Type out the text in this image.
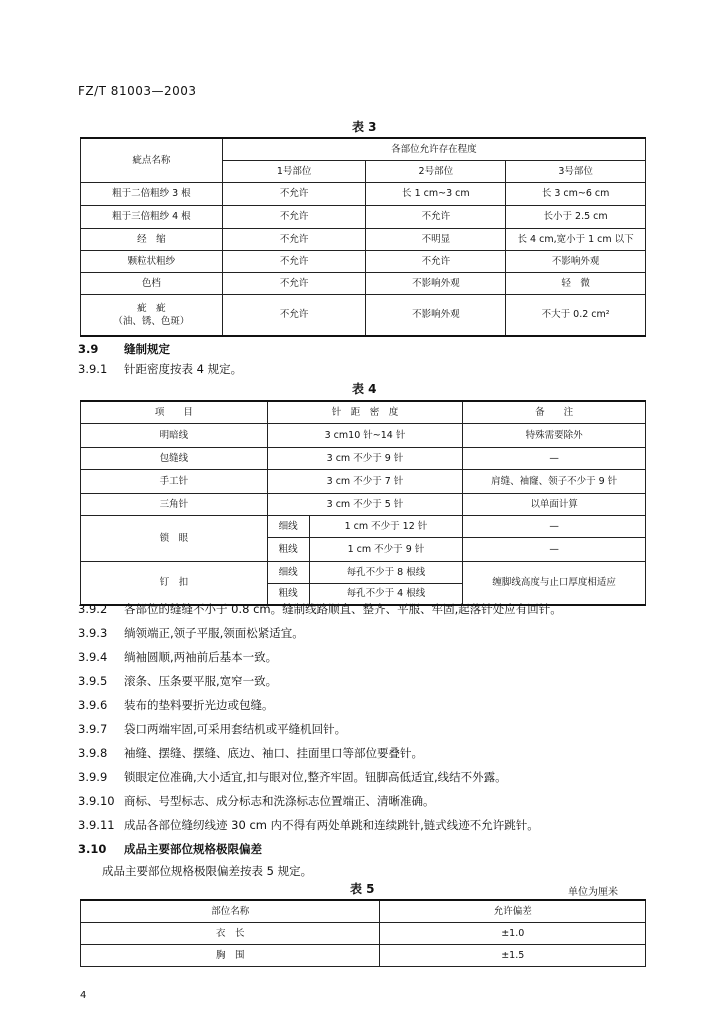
FZ/T 81003—2003
表 3
疵点名称	各部位允许存在程度		
	1号部位	2号部位	3号部位
粗于二倍粗纱 3 根	不允许	长 1 cm~3 cm	长 3 cm~6 cm
粗于三倍粗纱 4 根	不允许	不允许	长小于 2.5 cm
经　缩	不允许	不明显	长 4 cm,宽小于 1 cm 以下
颗粒状粗纱	不允许	不允许	不影响外观
色档	不允许	不影响外观	轻　微

疵　疵
（油、锈、色斑）	不允许	不影响外观	不大于 0.2 cm²
3.9 缝制规定
3.9.1 针距密度按表 4 规定。
表 4
项　　目	针　距　密　度		备　　注
明暗线	3 cm10 针~14 针		特殊需要除外
包缝线	3 cm 不少于 9 针		—
手工针	3 cm 不少于 7 针		肩缝、袖窿、领子不少于 9 针
三角针	3 cm 不少于 5 针		以单面计算
锁　眼	细线	1 cm 不少于 12 针	—
	粗线	1 cm 不少于 9 针	—
钉　扣	细线	每孔不少于 8 根线	缠脚线高度与止口厚度相适应
	粗线	每孔不少于 4 根线	
3.9.2 各部位的缝缝不小于 0.8 cm。缝制线路顺直、整齐、平服、牢固,起落针处应有回针。
3.9.3 绱领端正,领子平服,领面松紧适宜。
3.9.4 绱袖圆顺,两袖前后基本一致。
3.9.5 滚条、压条要平服,宽窄一致。
3.9.6 装布的垫料要折光边或包缝。
3.9.7 袋口两端牢固,可采用套结机或平缝机回针。
3.9.8 袖缝、摆缝、摆缝、底边、袖口、挂面里口等部位要叠针。
3.9.9 锁眼定位准确,大小适宜,扣与眼对位,整齐牢固。钮脚高低适宜,线结不外露。
3.9.10 商标、号型标志、成分标志和洗涤标志位置端正、清晰准确。
3.9.11 成品各部位缝纫线迹 30 cm 内不得有两处单跳和连续跳针,链式线迹不允许跳针。
3.10 成品主要部位规格极限偏差
成品主要部位规格极限偏差按表 5 规定。
表 5	单位为厘米
部位名称	允许偏差
衣　长	±1.0
胸　围	±1.5
4
